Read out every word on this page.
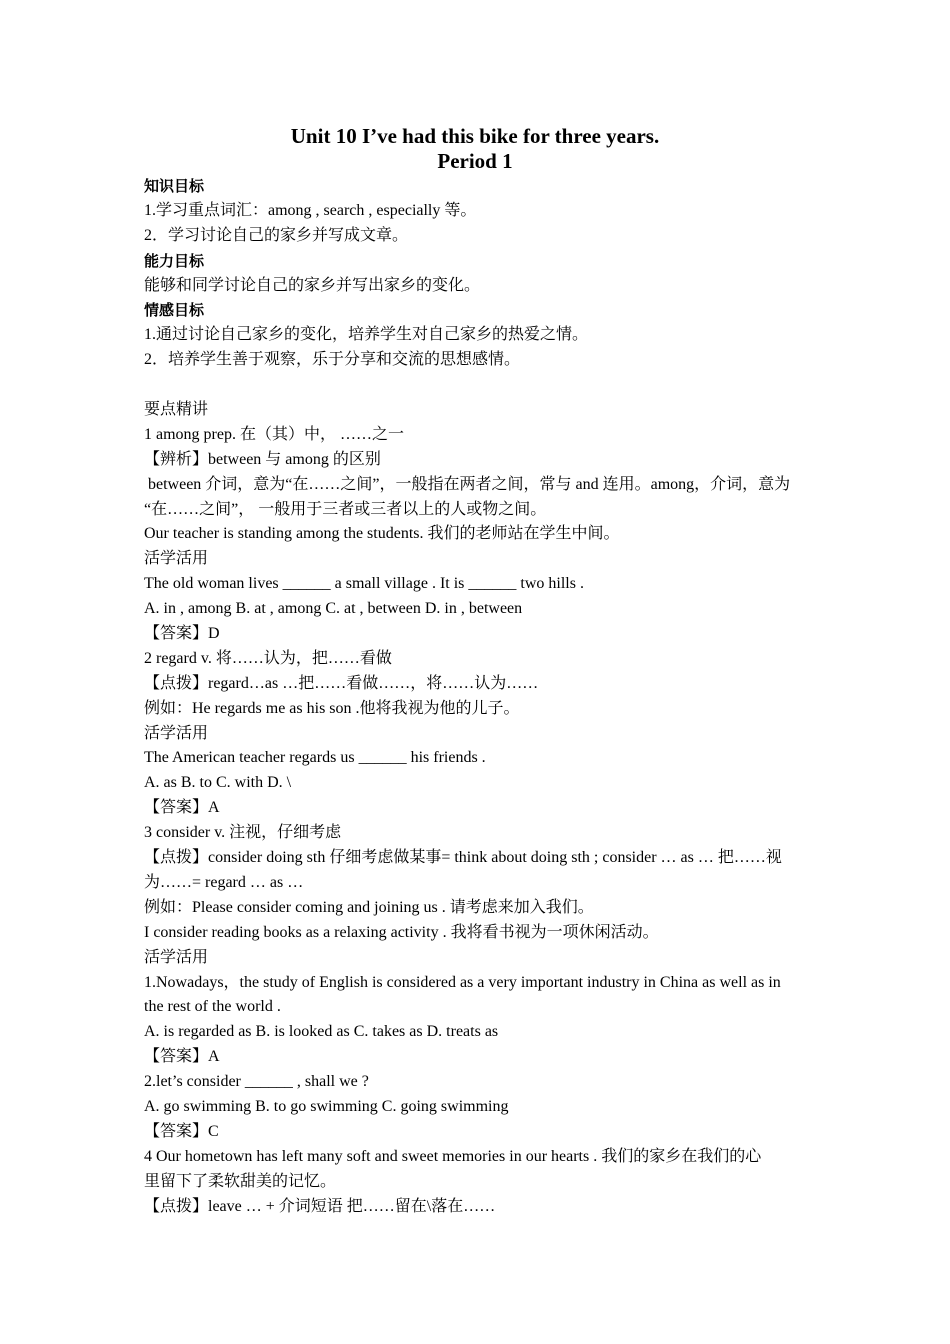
Unit 10 I’ve had this bike for three years.
Period 1
知识目标
1.学习重点词汇：among , search , especially 等。
2．学习讨论自己的家乡并写成文章。
能力目标
能够和同学讨论自己的家乡并写出家乡的变化。
情感目标
1.通过讨论自己家乡的变化，培养学生对自己家乡的热爱之情。
2．培养学生善于观察，乐于分享和交流的思想感情。
要点精讲
1 among prep. 在（其）中， ……之一
【辨析】between 与 among 的区别
between 介词，意为“在……之间”，一般指在两者之间，常与 and 连用。among，介词，意为
“在……之间”， 一般用于三者或三者以上的人或物之间。
Our teacher is standing among the students. 我们的老师站在学生中间。
活学活用
The old woman lives ______ a small village . It is ______ two hills .
A. in , among B. at , among C. at , between D. in , between
【答案】D
2 regard v. 将……认为，把……看做
【点拨】regard…as …把……看做……，将……认为……
例如：He regards me as his son .他将我视为他的儿子。
活学活用
The American teacher regards us ______ his friends .
A. as B. to C. with D. \
【答案】A
3 consider v. 注视，仔细考虑
【点拨】consider doing sth 仔细考虑做某事= think about doing sth ; consider … as … 把……视
为……= regard … as …
例如：Please consider coming and joining us . 请考虑来加入我们。
I consider reading books as a relaxing activity . 我将看书视为一项休闲活动。
活学活用
1.Nowadays，the study of English is considered as a very important industry in China as well as in
the rest of the world .
A. is regarded as B. is looked as C. takes as D. treats as
【答案】A
2.let’s consider ______ , shall we ?
A. go swimming B. to go swimming C. going swimming
【答案】C
4 Our hometown has left many soft and sweet memories in our hearts . 我们的家乡在我们的心
里留下了柔软甜美的记忆。
【点拨】leave … + 介词短语 把……留在\落在……
